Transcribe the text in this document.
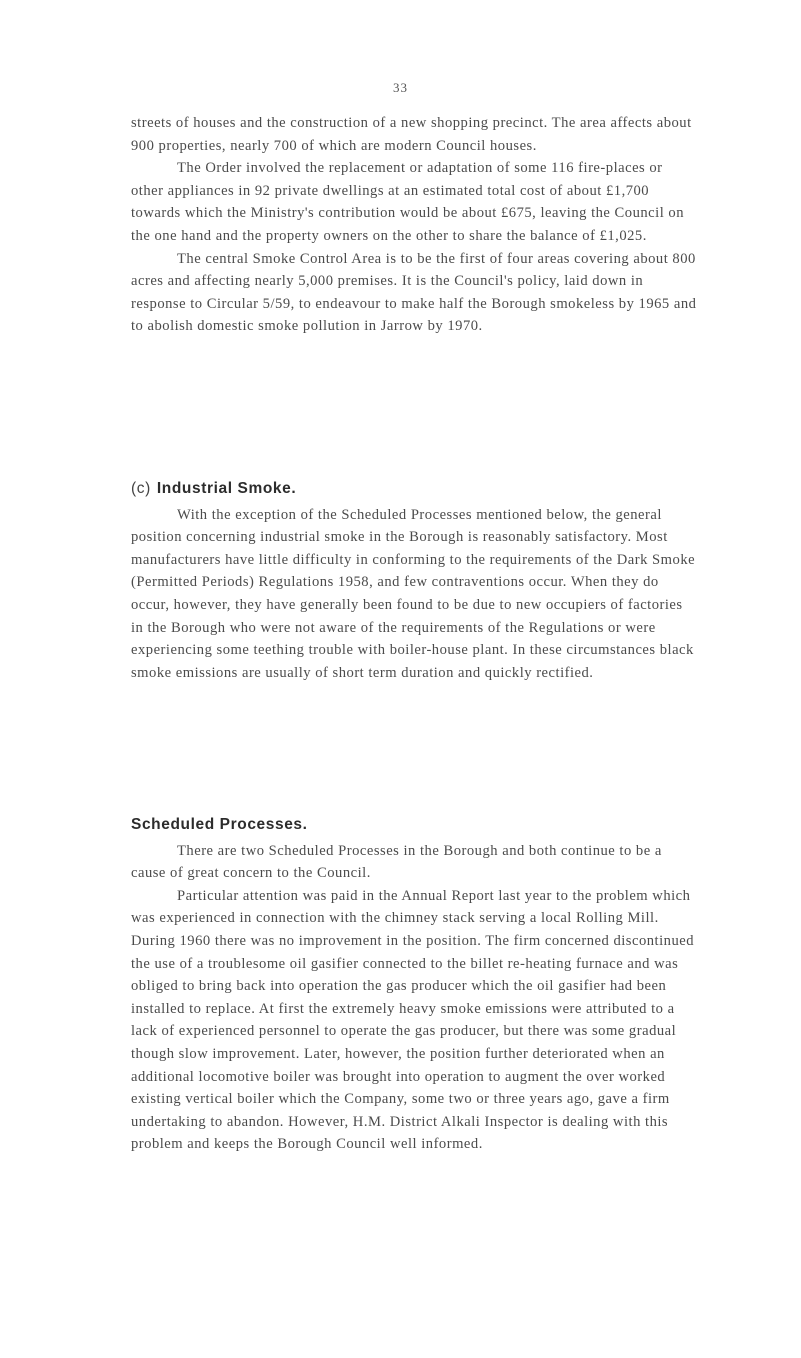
33

streets of houses and the construction of a new shopping precinct. The area affects about 900 properties, nearly 700 of which are modern Council houses.

The Order involved the replacement or adaptation of some 116 fire-places or other appliances in 92 private dwellings at an estimated total cost of about £1,700 towards which the Ministry's contribution would be about £675, leaving the Council on the one hand and the property owners on the other to share the balance of £1,025.

The central Smoke Control Area is to be the first of four areas covering about 800 acres and affecting nearly 5,000 premises. It is the Council's policy, laid down in response to Circular 5/59, to endeavour to make half the Borough smokeless by 1965 and to abolish domestic smoke pollution in Jarrow by 1970.

(c) Industrial Smoke.

With the exception of the Scheduled Processes mentioned below, the general position concerning industrial smoke in the Borough is reasonably satisfactory. Most manufacturers have little difficulty in conforming to the requirements of the Dark Smoke (Permitted Periods) Regulations 1958, and few contraventions occur. When they do occur, however, they have generally been found to be due to new occupiers of factories in the Borough who were not aware of the requirements of the Regulations or were experiencing some teething trouble with boiler-house plant. In these circumstances black smoke emissions are usually of short term duration and quickly rectified.

Scheduled Processes.

There are two Scheduled Processes in the Borough and both continue to be a cause of great concern to the Council.

Particular attention was paid in the Annual Report last year to the problem which was experienced in connection with the chimney stack serving a local Rolling Mill. During 1960 there was no improvement in the position. The firm concerned discontinued the use of a troublesome oil gasifier connected to the billet re-heating furnace and was obliged to bring back into operation the gas producer which the oil gasifier had been installed to replace. At first the extremely heavy smoke emissions were attributed to a lack of experienced personnel to operate the gas producer, but there was some gradual though slow improvement. Later, however, the position further deteriorated when an additional locomotive boiler was brought into operation to augment the over worked existing vertical boiler which the Company, some two or three years ago, gave a firm undertaking to abandon. However, H.M. District Alkali Inspector is dealing with this problem and keeps the Borough Council well informed.
